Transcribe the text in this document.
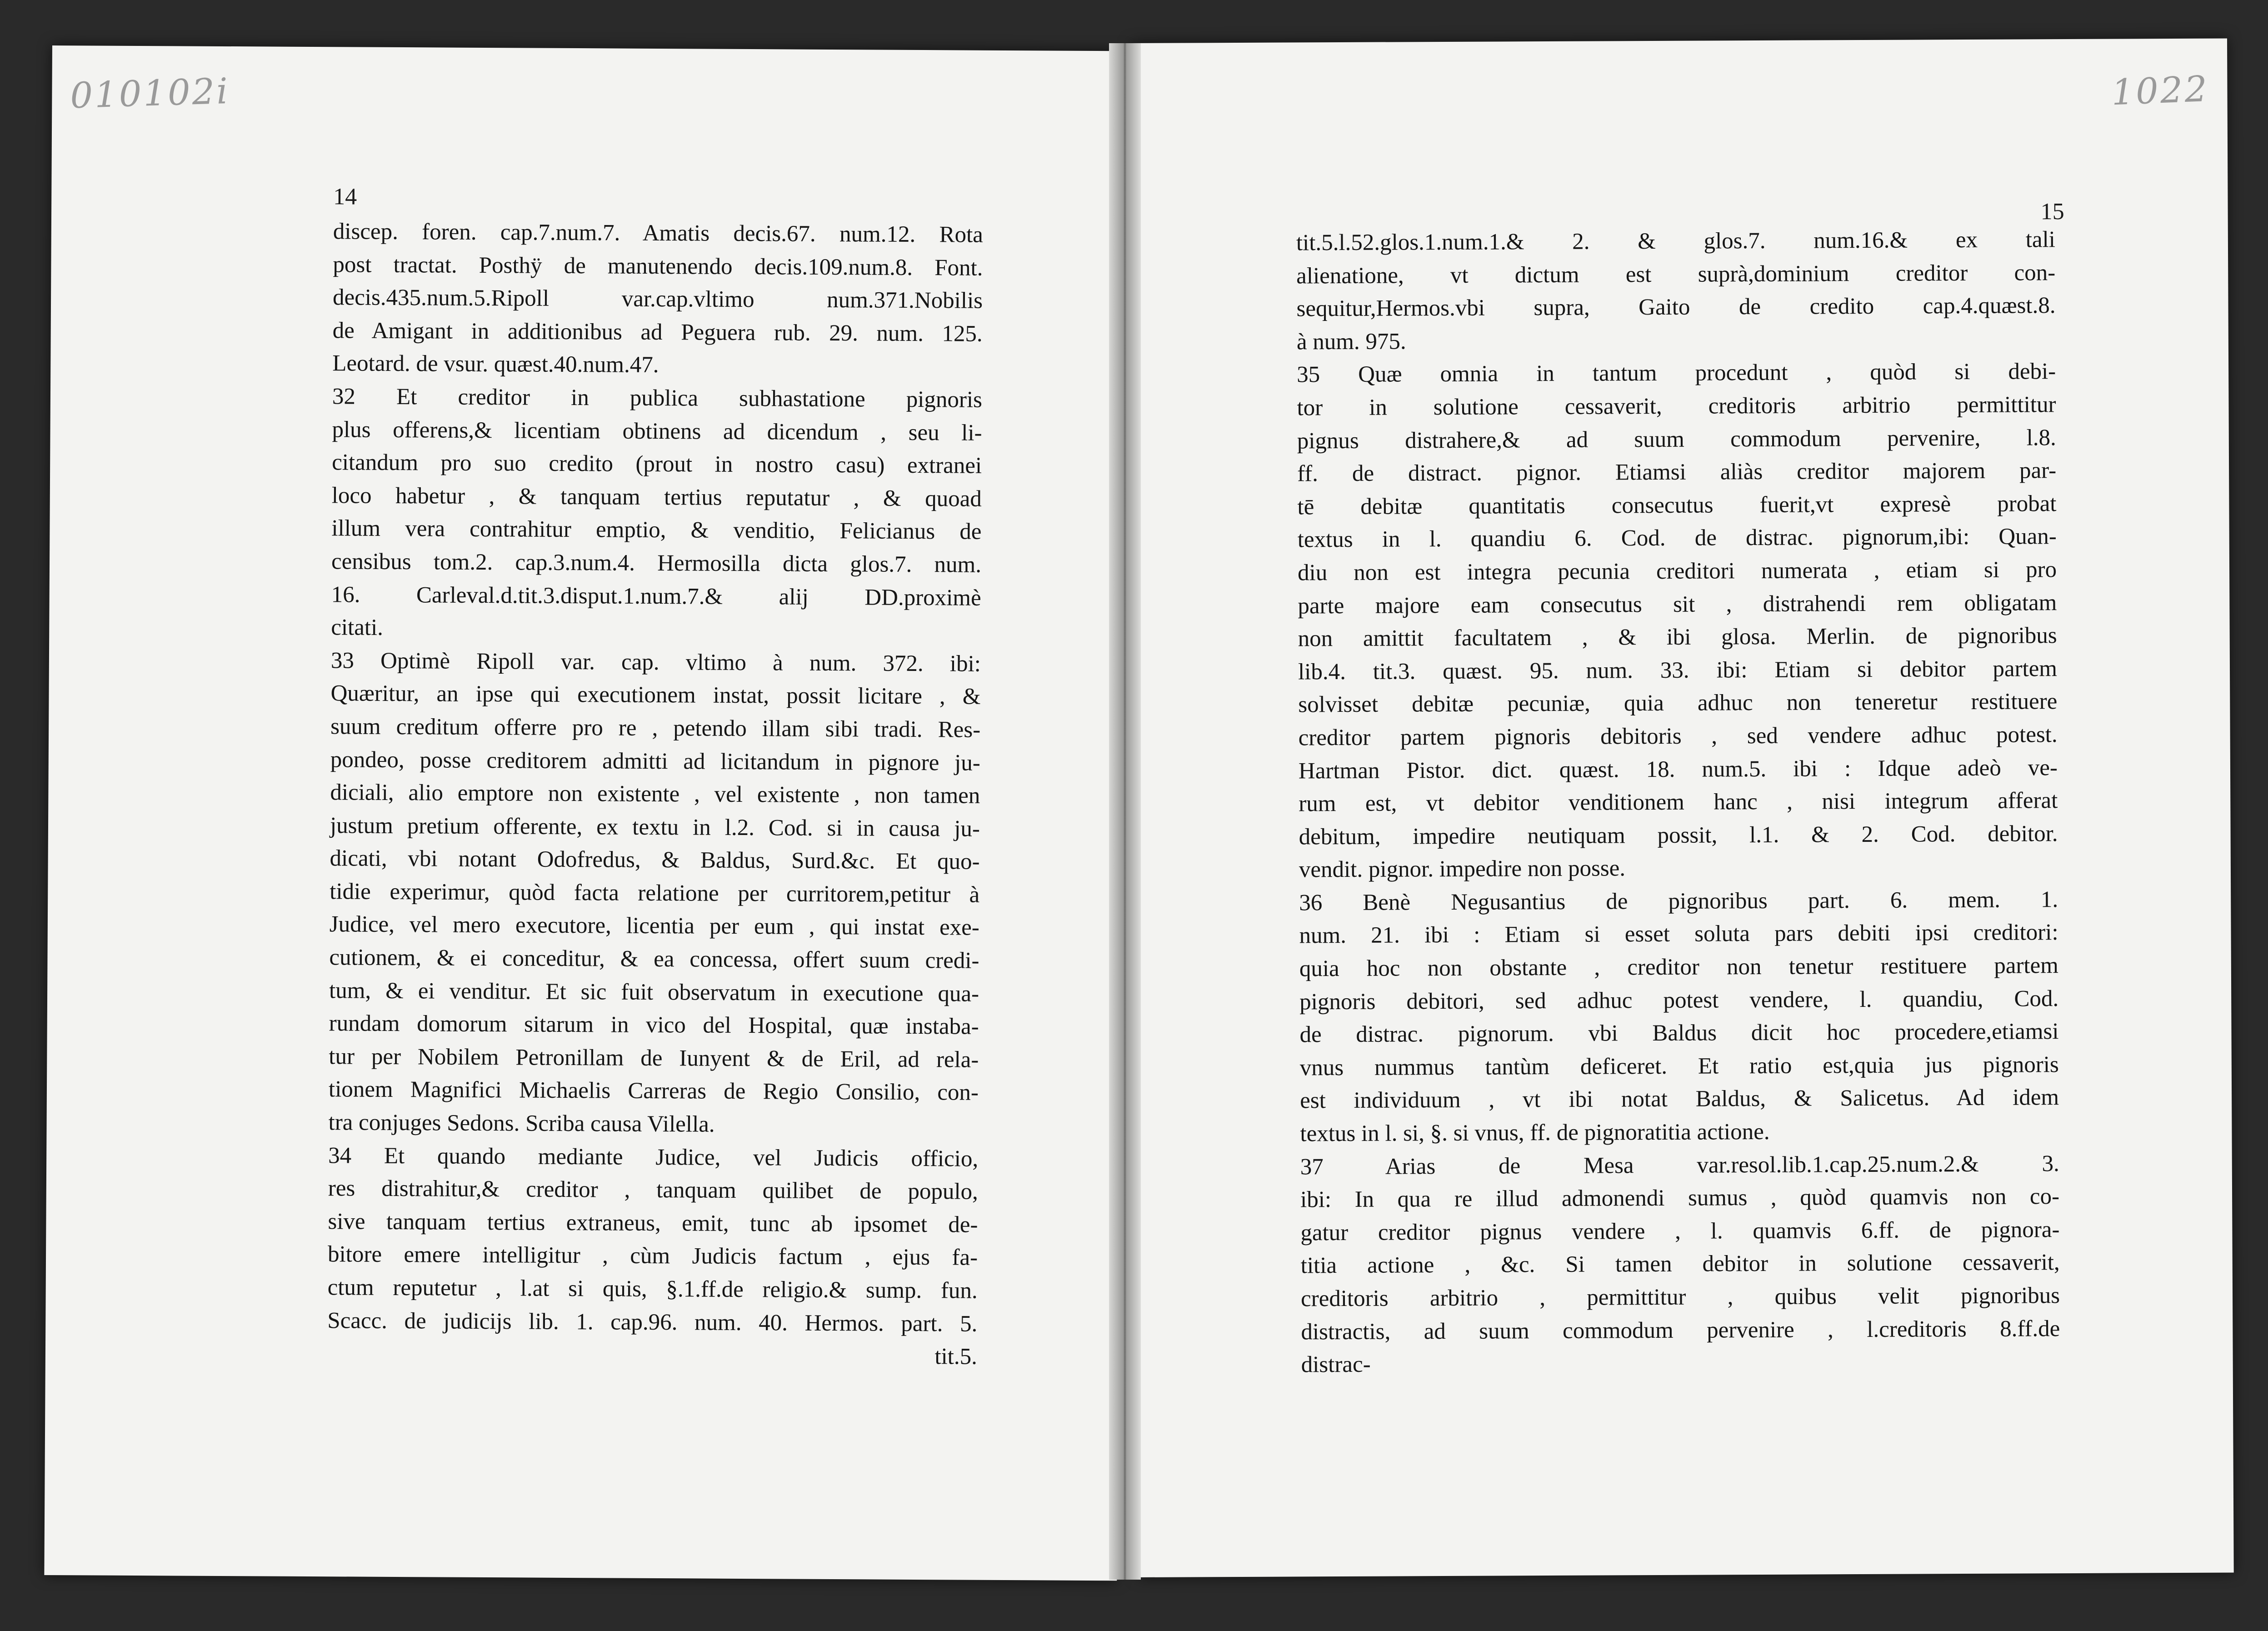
010102i
14
discep. foren. cap.7.num.7. Amatis decis.67. num.12. Rota
post tractat. Posthÿ de manutenendo decis.109.num.8. Font.
decis.435.num.5.Ripoll var.cap.vltimo num.371.Nobilis
de Amigant in additionibus ad Peguera rub. 29. num. 125.
Leotard. de vsur. quæst.40.num.47.
32 Et creditor in publica subhastatione pignoris
plus offerens,& licentiam obtinens ad dicendum , seu li-
citandum pro suo credito (prout in nostro casu) extranei
loco habetur , & tanquam tertius reputatur , & quoad
illum vera contrahitur emptio, & venditio, Felicianus de
censibus tom.2. cap.3.num.4. Hermosilla dicta glos.7. num.
16. Carleval.d.tit.3.disput.1.num.7.& alij DD.proximè
citati.
33 Optimè Ripoll var. cap. vltimo à num. 372. ibi:
Quæritur, an ipse qui executionem instat, possit licitare , &
suum creditum offerre pro re , petendo illam sibi tradi. Res-
pondeo, posse creditorem admitti ad licitandum in pignore ju-
diciali, alio emptore non existente , vel existente , non tamen
justum pretium offerente, ex textu in l.2. Cod. si in causa ju-
dicati, vbi notant Odofredus, & Baldus, Surd.&c. Et quo-
tidie experimur, quòd facta relatione per curritorem,petitur à
Judice, vel mero executore, licentia per eum , qui instat exe-
cutionem, & ei conceditur, & ea concessa, offert suum credi-
tum, & ei venditur. Et sic fuit observatum in executione qua-
rundam domorum sitarum in vico del Hospital, quæ instaba-
tur per Nobilem Petronillam de Iunyent & de Eril, ad rela-
tionem Magnifici Michaelis Carreras de Regio Consilio, con-
tra conjuges Sedons. Scriba causa Vilella.
34 Et quando mediante Judice, vel Judicis officio,
res distrahitur,& creditor , tanquam quilibet de populo,
sive tanquam tertius extraneus, emit, tunc ab ipsomet de-
bitore emere intelligitur , cùm Judicis factum , ejus fa-
ctum reputetur , l.at si quis, §.1.ff.de religio.& sump. fun.
Scacc. de judicijs lib. 1. cap.96. num. 40. Hermos. part. 5.
tit.5.
1022
15
tit.5.l.52.glos.1.num.1.& 2. & glos.7. num.16.& ex tali
alienatione, vt dictum est suprà,dominium creditor con-
sequitur,Hermos.vbi supra, Gaito de credito cap.4.quæst.8.
à num. 975.
35 Quæ omnia in tantum procedunt , quòd si debi-
tor in solutione cessaverit, creditoris arbitrio permittitur
pignus distrahere,& ad suum commodum pervenire, l.8.
ff. de distract. pignor. Etiamsi aliàs creditor majorem par-
tē debitæ quantitatis consecutus fuerit,vt expresè probat
textus in l. quandiu 6. Cod. de distrac. pignorum,ibi: Quan-
diu non est integra pecunia creditori numerata , etiam si pro
parte majore eam consecutus sit , distrahendi rem obligatam
non amittit facultatem , & ibi glosa. Merlin. de pignoribus
lib.4. tit.3. quæst. 95. num. 33. ibi: Etiam si debitor partem
solvisset debitæ pecuniæ, quia adhuc non teneretur restituere
creditor partem pignoris debitoris , sed vendere adhuc potest.
Hartman Pistor. dict. quæst. 18. num.5. ibi : Idque adeò ve-
rum est, vt debitor venditionem hanc , nisi integrum afferat
debitum, impedire neutiquam possit, l.1. & 2. Cod. debitor.
vendit. pignor. impedire non posse.
36 Benè Negusantius de pignoribus part. 6. mem. 1.
num. 21. ibi : Etiam si esset soluta pars debiti ipsi creditori:
quia hoc non obstante , creditor non tenetur restituere partem
pignoris debitori, sed adhuc potest vendere, l. quandiu, Cod.
de distrac. pignorum. vbi Baldus dicit hoc procedere,etiamsi
vnus nummus tantùm deficeret. Et ratio est,quia jus pignoris
est individuum , vt ibi notat Baldus, & Salicetus. Ad idem
textus in l. si, §. si vnus, ff. de pignoratitia actione.
37 Arias de Mesa var.resol.lib.1.cap.25.num.2.& 3.
ibi: In qua re illud admonendi sumus , quòd quamvis non co-
gatur creditor pignus vendere , l. quamvis 6.ff. de pignora-
titia actione , &c. Si tamen debitor in solutione cessaverit,
creditoris arbitrio , permittitur , quibus velit pignoribus
distractis, ad suum commodum pervenire , l.creditoris 8.ff.de
distrac-
